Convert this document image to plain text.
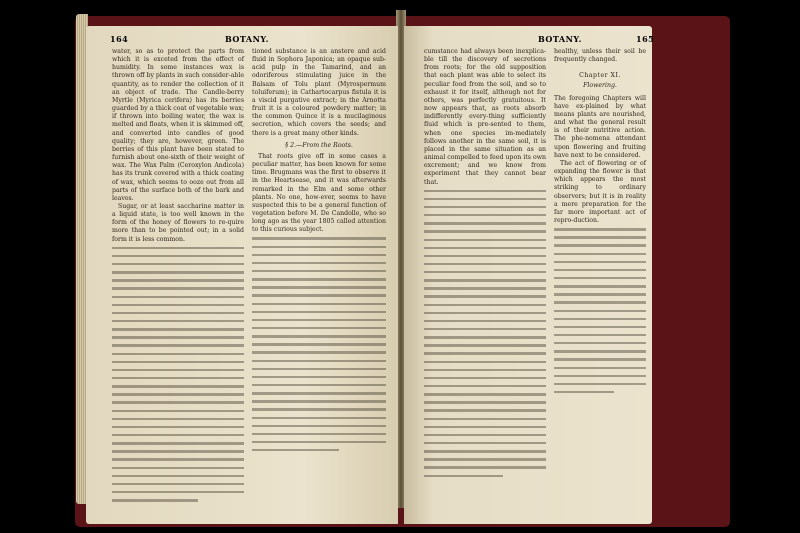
164	BOTANY.

water, so as to protect the parts from which it is exceted from the effect of humidity. In some instances wax is thrown off by plants in such consider-able quantity, as to render the collection of it an object of trade. The Candle-berry Myrtle (Myrica cerifera) has its berries guarded by a thick coat of vegetable wax; if thrown into boiling water, the wax is melted and floats, when it is skimmed off, and converted into candles of good quality; they are, however, green. The berries of this plant have been stated to furnish about one-sixth of their weight of wax. The Wax Palm (Ceroxylon Andicola) has its trunk covered with a thick coating of wax, which seems to ooze out from all parts of the surface both of the bark and leaves.

Sugar, or at least saccharine matter in a liquid state, is too well known in the form of the honey of flowers to re-quire more than to be pointed out; in a solid form it is less common.

tioned substance is an anstere and acid fluid in Sophora Japonica; an opaque sub-acid pulp in the Tamarind, and an odoriferous stimulating juice in the Balsam of Tolu plant (Myrospermum toluiferum); in Cathartocarpus fistula it is a viscid purgative extract; in the Arnotta fruit it is a coloured powdery matter; in the common Quince it is a mucilaginous secretion, which covers the seeds; and there is a great many other kinds.

§ 2.—From the Roots.

That roots give off in some cases a peculiar matter, has been known for some time. Brugmans was the first to observe it in the Heartsease, and it was afterwards remarked in the Elm and some other plants. No one, how-ever, seems to have suspected this to be a general function of vegetation before M. De Candolle, who so long ago as the year 1805 called attention to this curious subject.

BOTANY.	165

cumstance had always been inexplica-ble till the discovery of secretions from roots; for the old supposition that each plant was able to select its peculiar food from the soil, and so to exhaust it for itself, although not for others, was perfectly gratuitous. It now appears that, as roots absorb indifferently every-thing sufficiently fluid which is pre-sented to them, when one species im-mediately follows another in the same soil, it is placed in the same situation as an animal compelled to feed upon its own excrement; and we know from experiment that they cannot bear that.

healthy, unless their soil be frequently changed.

Chapter XI.

Flowering.

The foregoing Chapters will have ex-plained by what means plants are nourished, and what the general result is of their nutritive action. The phe-nomena attendant upon flowering and fruiting have next to be considered.

The act of flowering or of expanding the flower is that which appears the most striking to ordinary observers; but it is in reality a mere preparation for the far more important act of repro-duction.
